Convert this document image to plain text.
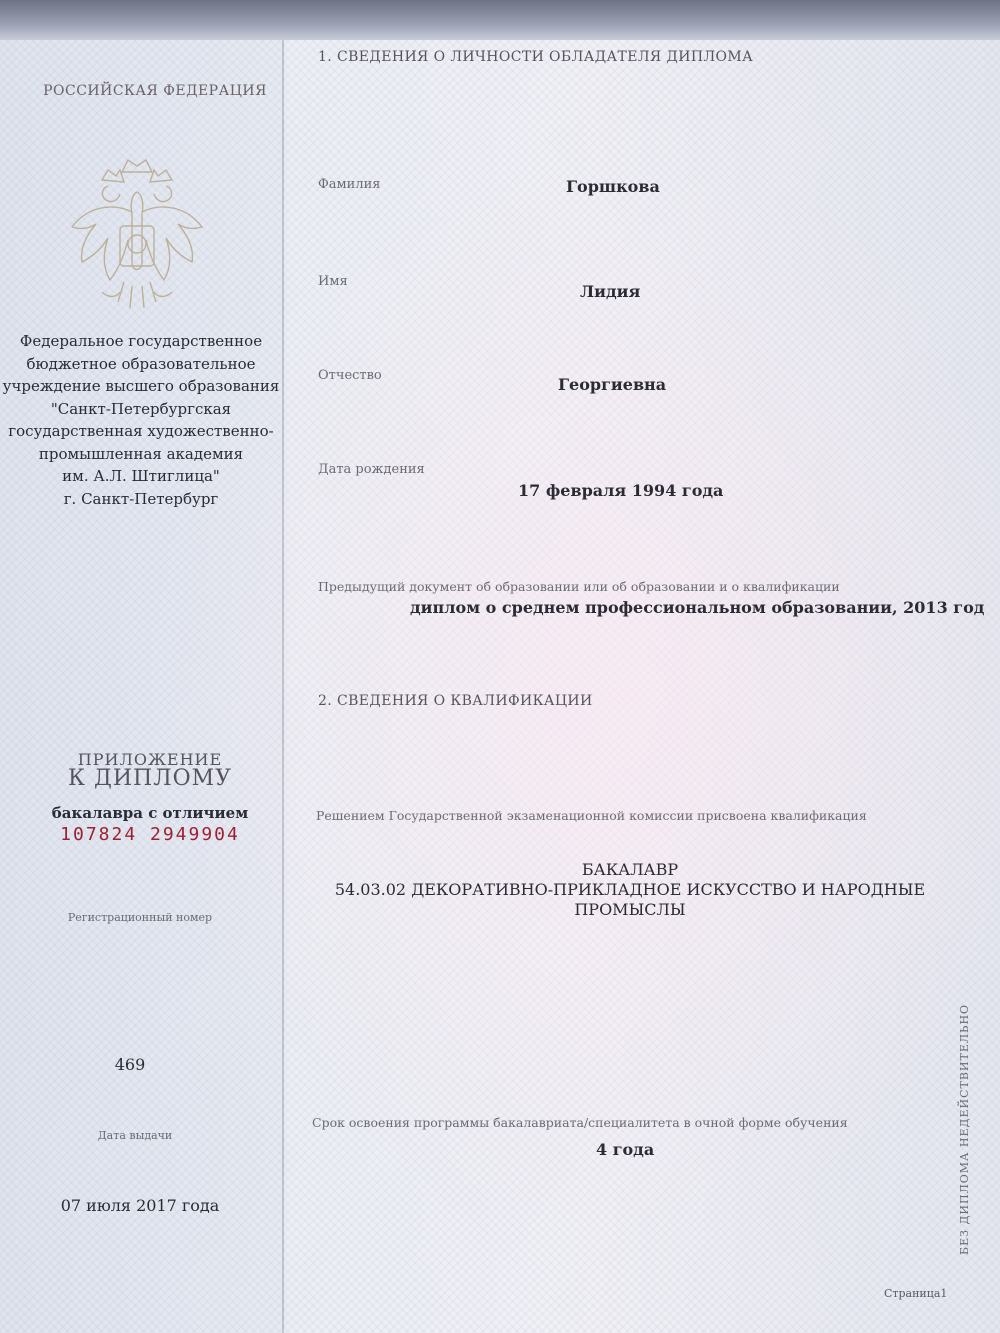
РОССИЙСКАЯ ФЕДЕРАЦИЯ
Федеральное государственное
бюджетное образовательное
учреждение высшего образования
"Санкт-Петербургская
государственная художественно-
промышленная академия
им. А.Л. Штиглица"
г. Санкт-Петербург
ПРИЛОЖЕНИЕ
К ДИПЛОМУ
бакалавра с отличием
107824 2949904
Регистрационный номер
469
Дата выдачи
07 июля 2017 года
1. СВЕДЕНИЯ О ЛИЧНОСТИ ОБЛАДАТЕЛЯ ДИПЛОМА
Фамилия	Горшкова
Имя
Лидия
Отчество	Георгиевна
Дата рождения
17 февраля 1994 года
Предыдущий документ об образовании или об образовании и о квалификации
диплом о среднем профессиональном образовании, 2013 год
2. СВЕДЕНИЯ О КВАЛИФИКАЦИИ
Решением Государственной экзаменационной комиссии присвоена квалификация
БАКАЛАВР
54.03.02 ДЕКОРАТИВНО-ПРИКЛАДНОЕ ИСКУССТВО И НАРОДНЫЕ ПРОМЫСЛЫ
Срок освоения программы бакалавриата/специалитета в очной форме обучения
4 года	БЕЗ ДИПЛОМА НЕДЕЙСТВИТЕЛЬНО
Страница1
